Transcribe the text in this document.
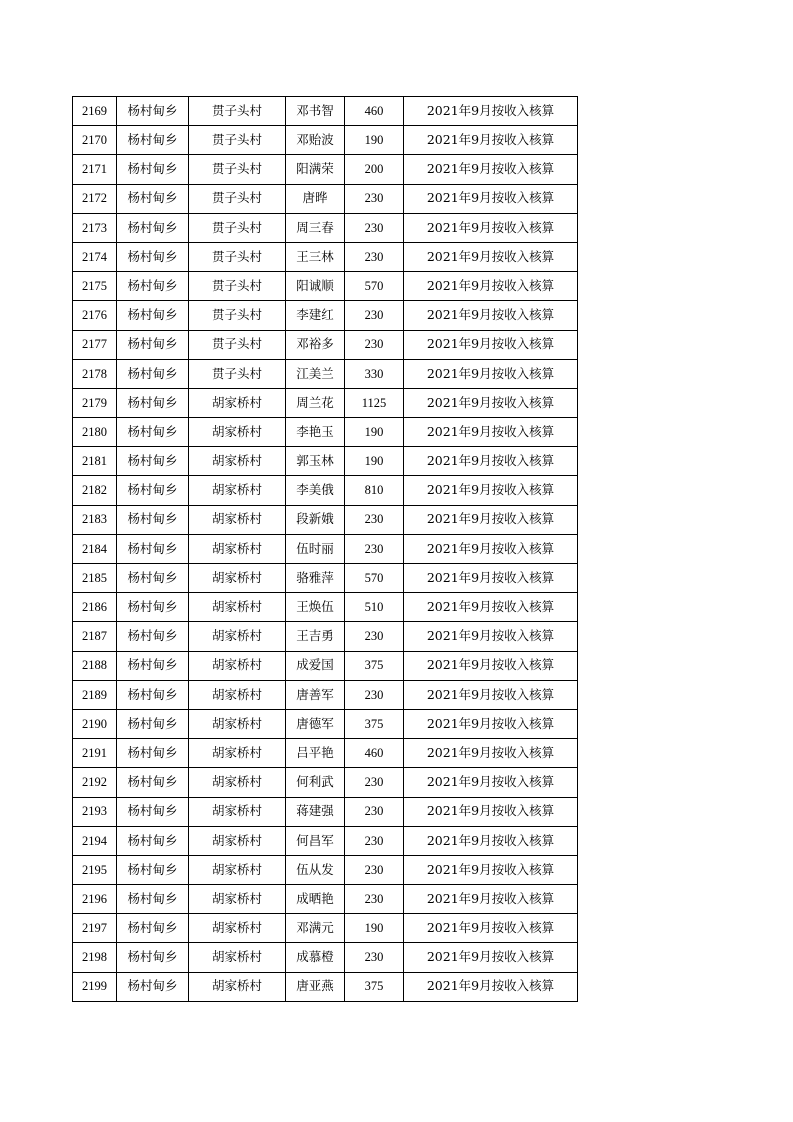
2169	杨村甸乡	贯子头村	邓书智	460	2021年9月按收入核算
2170	杨村甸乡	贯子头村	邓贻波	190	2021年9月按收入核算
2171	杨村甸乡	贯子头村	阳满荣	200	2021年9月按收入核算
2172	杨村甸乡	贯子头村	唐晔	230	2021年9月按收入核算
2173	杨村甸乡	贯子头村	周三春	230	2021年9月按收入核算
2174	杨村甸乡	贯子头村	王三林	230	2021年9月按收入核算
2175	杨村甸乡	贯子头村	阳诚顺	570	2021年9月按收入核算
2176	杨村甸乡	贯子头村	李建红	230	2021年9月按收入核算
2177	杨村甸乡	贯子头村	邓裕多	230	2021年9月按收入核算
2178	杨村甸乡	贯子头村	江美兰	330	2021年9月按收入核算
2179	杨村甸乡	胡家桥村	周兰花	1125	2021年9月按收入核算
2180	杨村甸乡	胡家桥村	李艳玉	190	2021年9月按收入核算
2181	杨村甸乡	胡家桥村	郭玉林	190	2021年9月按收入核算
2182	杨村甸乡	胡家桥村	李美俄	810	2021年9月按收入核算
2183	杨村甸乡	胡家桥村	段新娥	230	2021年9月按收入核算
2184	杨村甸乡	胡家桥村	伍时丽	230	2021年9月按收入核算
2185	杨村甸乡	胡家桥村	骆雅萍	570	2021年9月按收入核算
2186	杨村甸乡	胡家桥村	王焕伍	510	2021年9月按收入核算
2187	杨村甸乡	胡家桥村	王吉勇	230	2021年9月按收入核算
2188	杨村甸乡	胡家桥村	成爱国	375	2021年9月按收入核算
2189	杨村甸乡	胡家桥村	唐善军	230	2021年9月按收入核算
2190	杨村甸乡	胡家桥村	唐德军	375	2021年9月按收入核算
2191	杨村甸乡	胡家桥村	吕平艳	460	2021年9月按收入核算
2192	杨村甸乡	胡家桥村	何利武	230	2021年9月按收入核算
2193	杨村甸乡	胡家桥村	蒋建强	230	2021年9月按收入核算
2194	杨村甸乡	胡家桥村	何昌军	230	2021年9月按收入核算
2195	杨村甸乡	胡家桥村	伍从发	230	2021年9月按收入核算
2196	杨村甸乡	胡家桥村	成晒艳	230	2021年9月按收入核算
2197	杨村甸乡	胡家桥村	邓满元	190	2021年9月按收入核算
2198	杨村甸乡	胡家桥村	成慕橙	230	2021年9月按收入核算
2199	杨村甸乡	胡家桥村	唐亚燕	375	2021年9月按收入核算
